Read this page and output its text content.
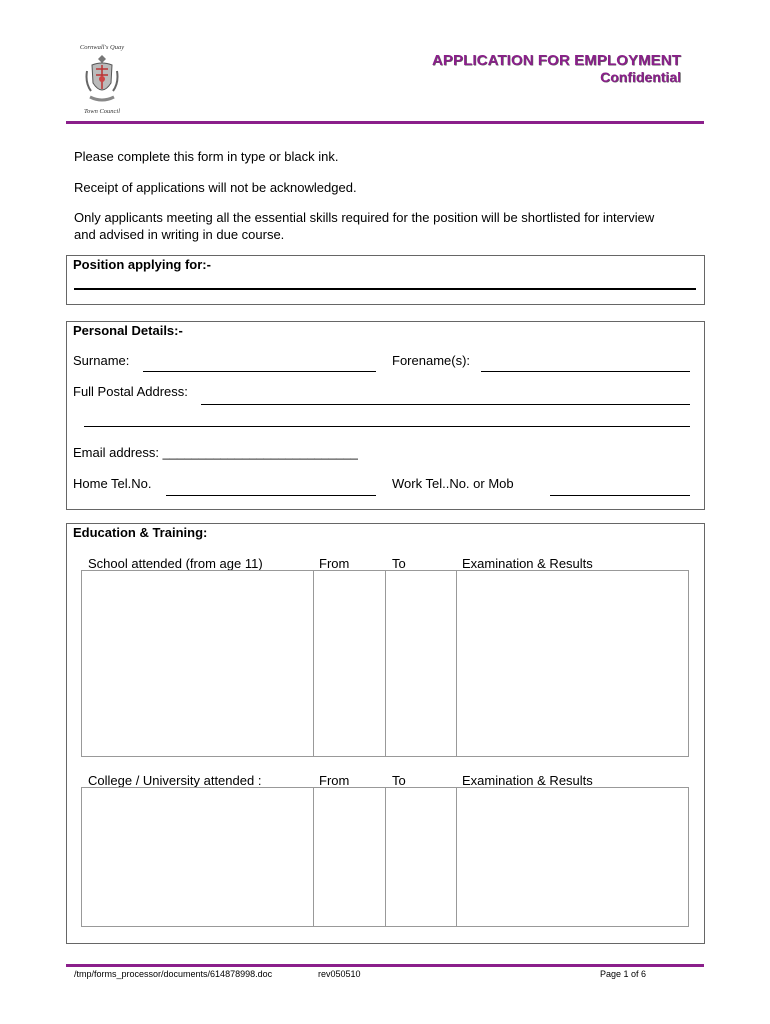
Cornwall's Quay
Town Council
APPLICATION FOR EMPLOYMENT
Confidential
Please complete this form in type or black ink.
Receipt of applications will not be acknowledged.
Only applicants meeting all the essential skills required for the position will be shortlisted for interview and advised in writing in due course.
Position applying for:-
Personal Details:-
Surname:	Forename(s):
Full Postal Address:
Email address: ___________________________
Home Tel.No.	Work Tel..No. or Mob
Education & Training:
School attended (from age 11)	From	To	Examination & Results
College / University attended :	From	To	Examination & Results
/tmp/forms_processor/documents/614878998.doc	rev050510	Page 1 of 6
